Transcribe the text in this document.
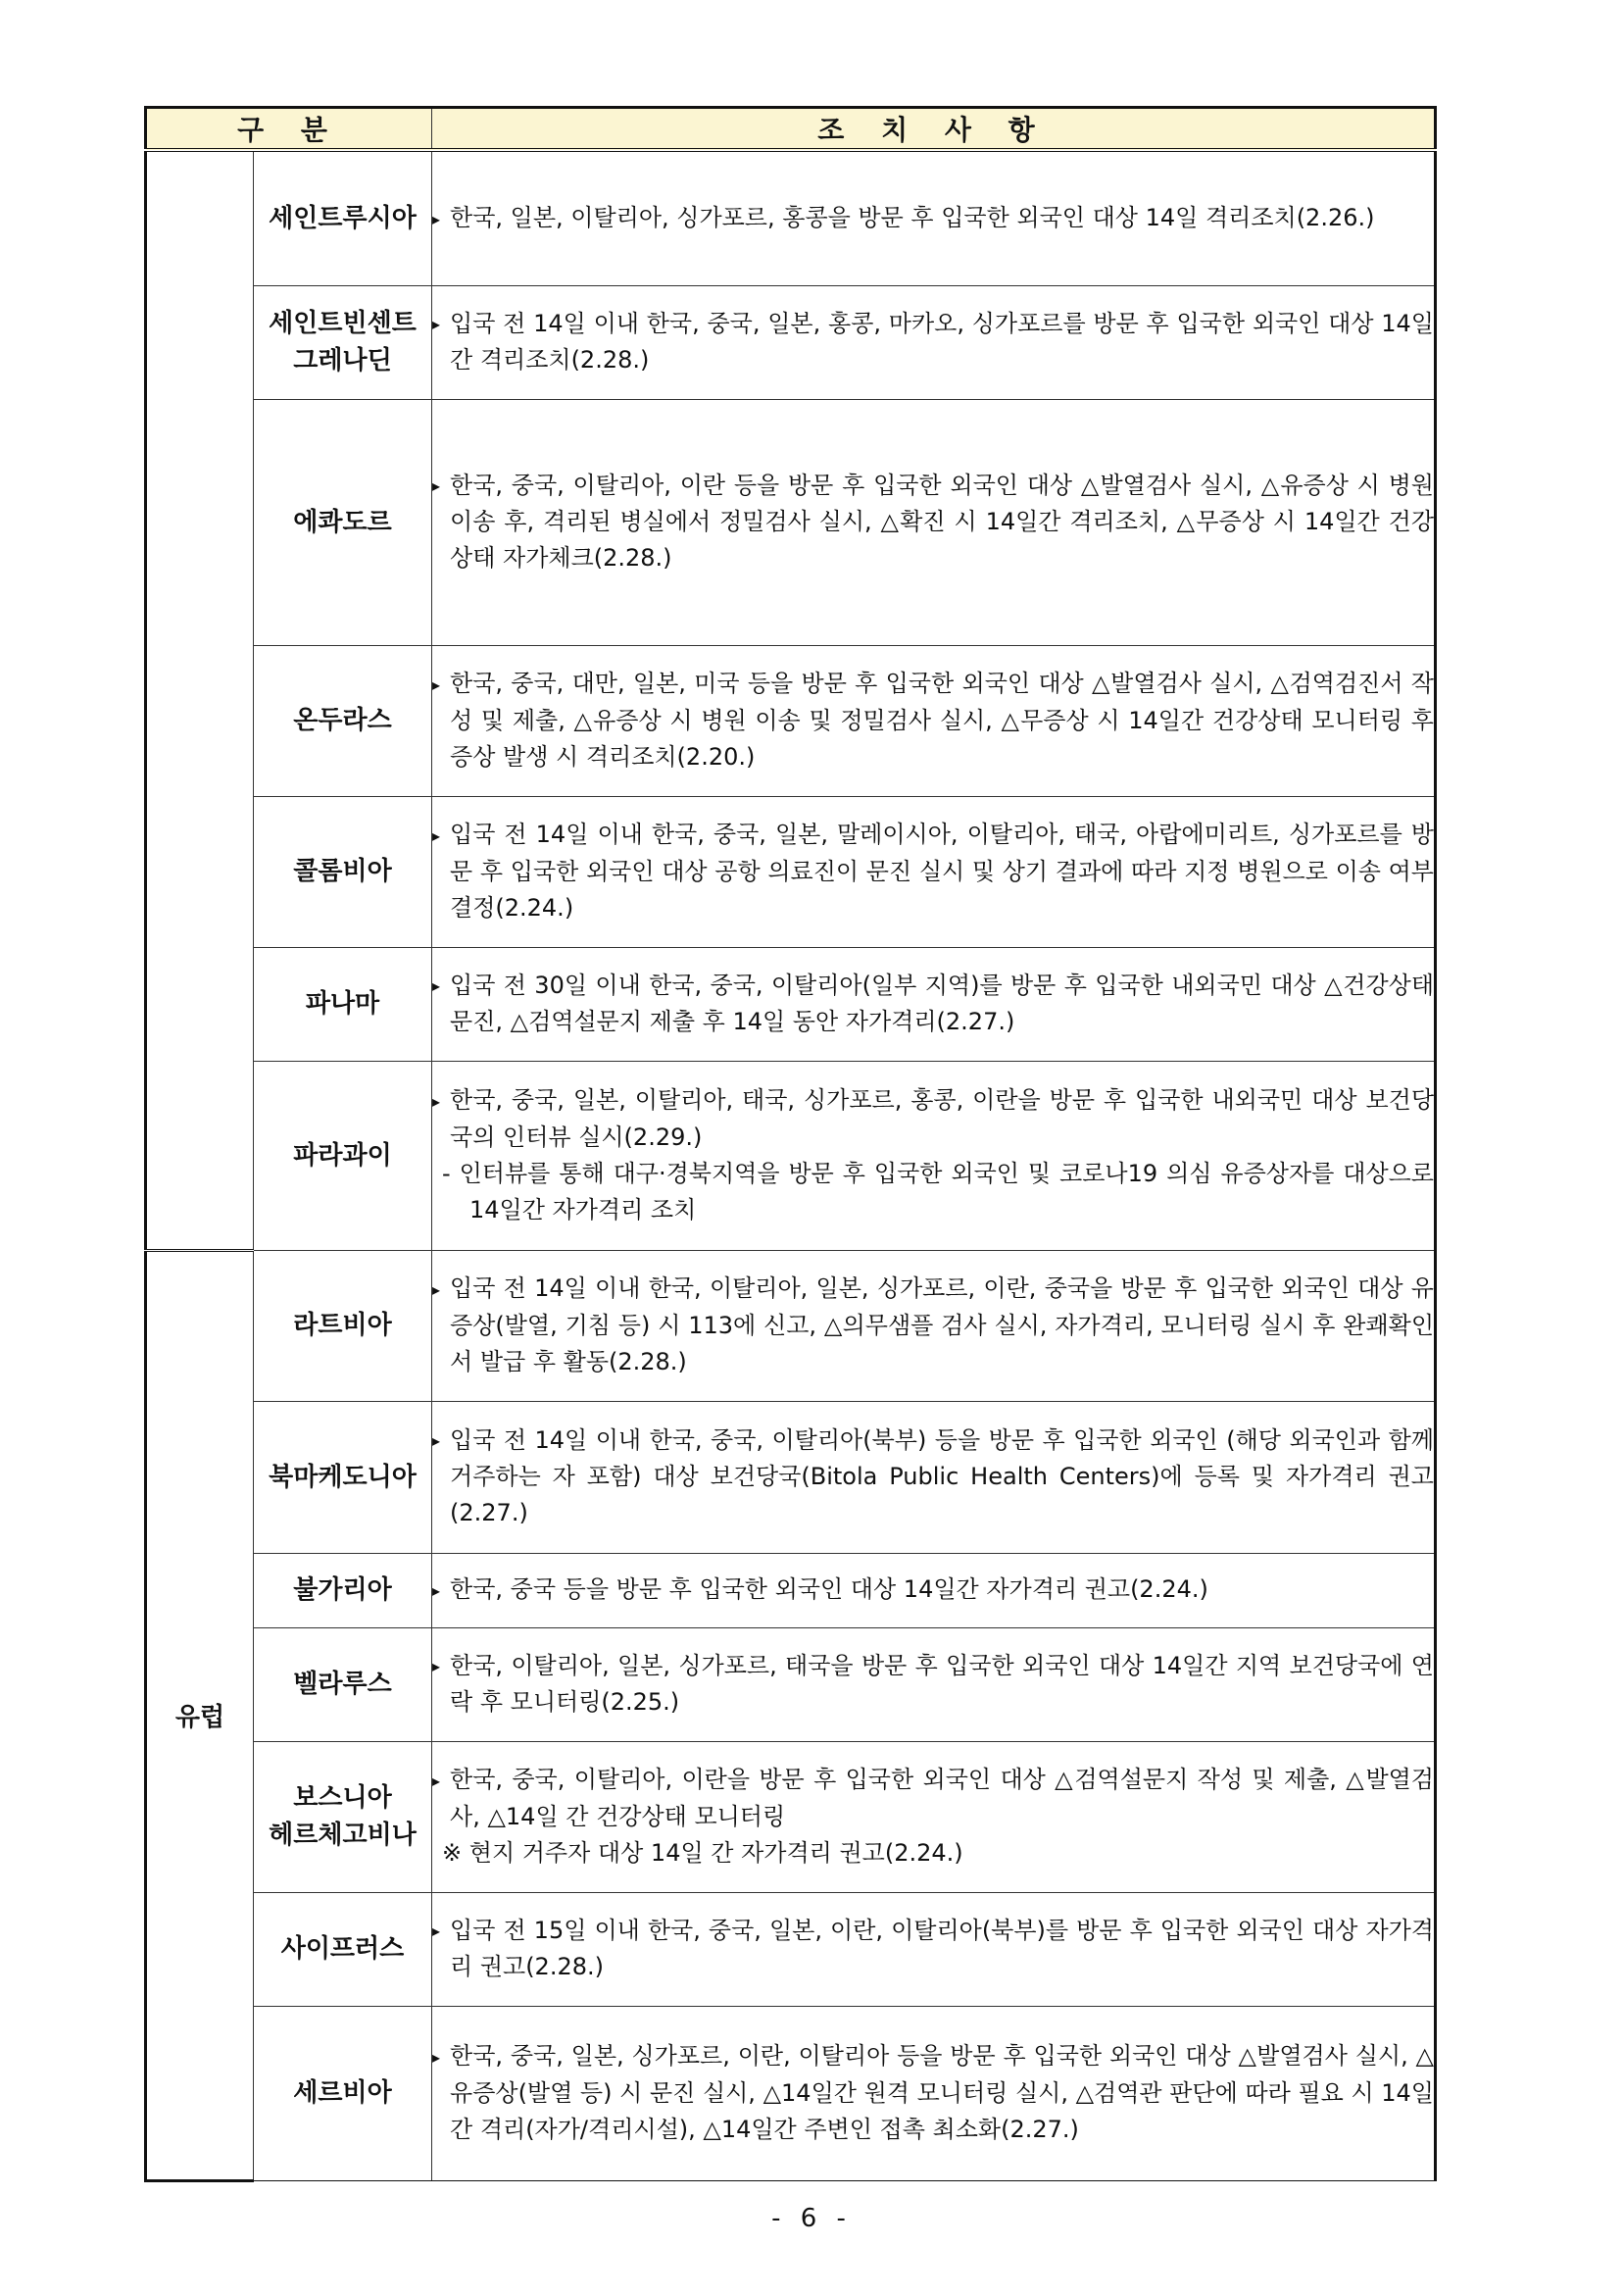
구 분		조 치 사 항

	세인트루시아	▸ 한국, 일본, 이탈리아, 싱가포르, 홍콩을 방문 후 입국한 외국인 대상 14일 격리조치(2.26.)

	세인트빈센트
그레나딘	▸ 입국 전 14일 이내 한국, 중국, 일본, 홍콩, 마카오, 싱가포르를 방문 후 입국한 외국인 대상 14일간 격리조치(2.28.)

	에콰도르	▸ 한국, 중국, 이탈리아, 이란 등을 방문 후 입국한 외국인 대상 △발열검사 실시, △유증상 시 병원 이송 후, 격리된 병실에서 정밀검사 실시, △확진 시 14일간 격리조치, △무증상 시 14일간 건강상태 자가체크(2.28.)

	온두라스	▸ 한국, 중국, 대만, 일본, 미국 등을 방문 후 입국한 외국인 대상 △발열검사 실시, △검역검진서 작성 및 제출, △유증상 시 병원 이송 및 정밀검사 실시, △무증상 시 14일간 건강상태 모니터링 후 증상 발생 시 격리조치(2.20.)

	콜롬비아	▸ 입국 전 14일 이내 한국, 중국, 일본, 말레이시아, 이탈리아, 태국, 아랍에미리트, 싱가포르를 방문 후 입국한 외국인 대상 공항 의료진이 문진 실시 및 상기 결과에 따라 지정 병원으로 이송 여부 결정(2.24.)

	파나마	▸ 입국 전 30일 이내 한국, 중국, 이탈리아(일부 지역)를 방문 후 입국한 내외국민 대상 △건강상태 문진, △검역설문지 제출 후 14일 동안 자가격리(2.27.)

	파라과이	▸ 한국, 중국, 일본, 이탈리아, 태국, 싱가포르, 홍콩, 이란을 방문 후 입국한 내외국민 대상 보건당국의 인터뷰 실시(2.29.)
- 인터뷰를 통해 대구·경북지역을 방문 후 입국한 외국인 및 코로나19 의심 유증상자를 대상으로 14일간 자가격리 조치

유럽	라트비아	▸ 입국 전 14일 이내 한국, 이탈리아, 일본, 싱가포르, 이란, 중국을 방문 후 입국한 외국인 대상 유증상(발열, 기침 등) 시 113에 신고, △의무샘플 검사 실시, 자가격리, 모니터링 실시 후 완쾌확인서 발급 후 활동(2.28.)

	북마케도니아	▸ 입국 전 14일 이내 한국, 중국, 이탈리아(북부) 등을 방문 후 입국한 외국인 (해당 외국인과 함께 거주하는 자 포함) 대상 보건당국(Bitola Public Health Centers)에 등록 및 자가격리 권고(2.27.)

	불가리아	▸ 한국, 중국 등을 방문 후 입국한 외국인 대상 14일간 자가격리 권고(2.24.)

	벨라루스	▸ 한국, 이탈리아, 일본, 싱가포르, 태국을 방문 후 입국한 외국인 대상 14일간 지역 보건당국에 연락 후 모니터링(2.25.)

	보스니아
헤르체고비나	▸ 한국, 중국, 이탈리아, 이란을 방문 후 입국한 외국인 대상 △검역설문지 작성 및 제출, △발열검사, △14일 간 건강상태 모니터링
※ 현지 거주자 대상 14일 간 자가격리 권고(2.24.)

	사이프러스	▸ 입국 전 15일 이내 한국, 중국, 일본, 이란, 이탈리아(북부)를 방문 후 입국한 외국인 대상 자가격리 권고(2.28.)

	세르비아	▸ 한국, 중국, 일본, 싱가포르, 이란, 이탈리아 등을 방문 후 입국한 외국인 대상 △발열검사 실시, △ 유증상(발열 등) 시 문진 실시, △14일간 원격 모니터링 실시, △검역관 판단에 따라 필요 시 14일간 격리(자가/격리시설), △14일간 주변인 접촉 최소화(2.27.)
- 6 -
